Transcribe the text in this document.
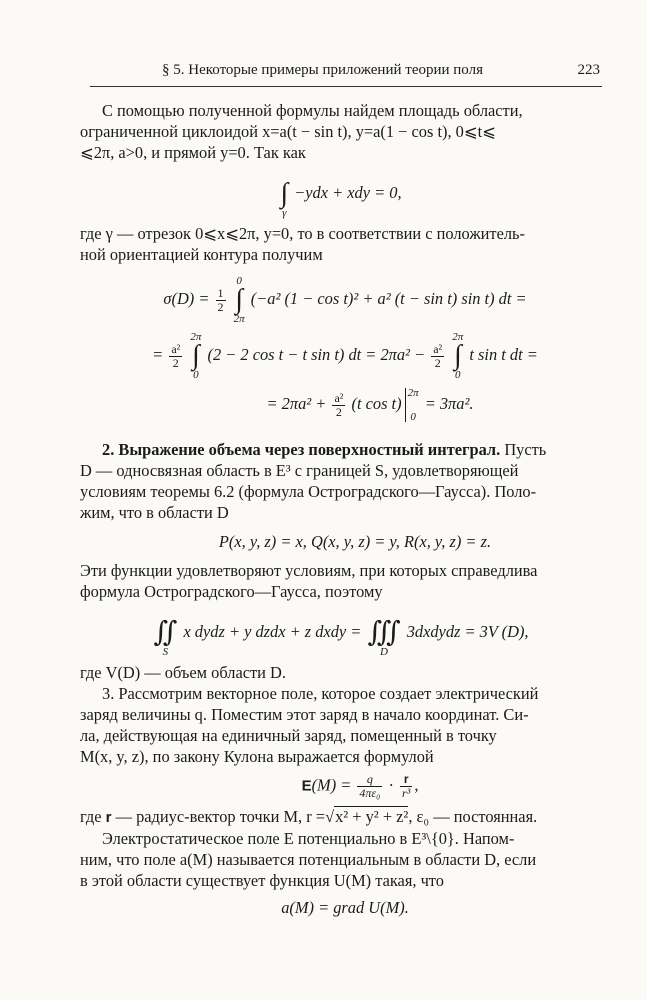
§ 5. Некоторые примеры приложений теории поля	223

С помощью полученной формулы найдем площадь области,
ограниченной циклоидой x=a(t − sin t), y=a(1 − cos t), 0⩽t⩽
⩽2π, a>0, и прямой y=0. Так как

∫
γ
−ydx + xdy = 0,

где γ — отрезок 0⩽x⩽2π, y=0, то в соответствии с положитель-
ной ориентацией контура получим

$\sigma(D) = \frac{1}{2}$

0
∫
2π
(−a² (1 − cos t)² + a² (t − sin t) sin t) dt =
= $\frac{\text{a²}}{2}$

2π
∫
0
(2 − 2 cos t − t sin t) dt = $2\pi a^2 - \frac{\text{a²}}{2}$

2π
∫
0
t sin t dt =
= $2\pi a^2 + \frac{\text{a²}}{2} (t$ cos t)
2π

0
= 3πa².

2. Выражение объема через поверхностный интеграл. Пусть
D — односвязная область в E³ с границей S, удовлетворяющей
условиям теоремы 6.2 (формула Остроградского—Гаусса). Поло-
жим, что в области D

P(x, y, z) = x, Q(x, y, z) = y, R(x, y, z) = z.

Эти функции удовлетворяют условиям, при которых справедлива
формула Остроградского—Гаусса, поэтому

∬
S
x dydz + y dzdx + z dxdy =
∭
D
3dxdydz = 3V (D),

где V(D) — объем области D.

3. Рассмотрим векторное поле, которое создает электрический
заряд величины q. Поместим этот заряд в начало координат. Си-
ла, действующая на единичный заряд, помещенный в точку
M(x, y, z), по закону Кулона выражается формулой

$E(M) = \frac{q}{\text{4πε₀}} \cdot \frac{r}{\text{r³}}$ ,

где r — радиус-вектор точки M, r =√x² + y² + z², ε₀ — постоянная.
Электростатическое поле E потенциально в E³\{0}. Напом-
ним, что поле a(M) называется потенциальным в области D, если
в этой области существует функция U(M) такая, что

a(M) = grad U(M).
